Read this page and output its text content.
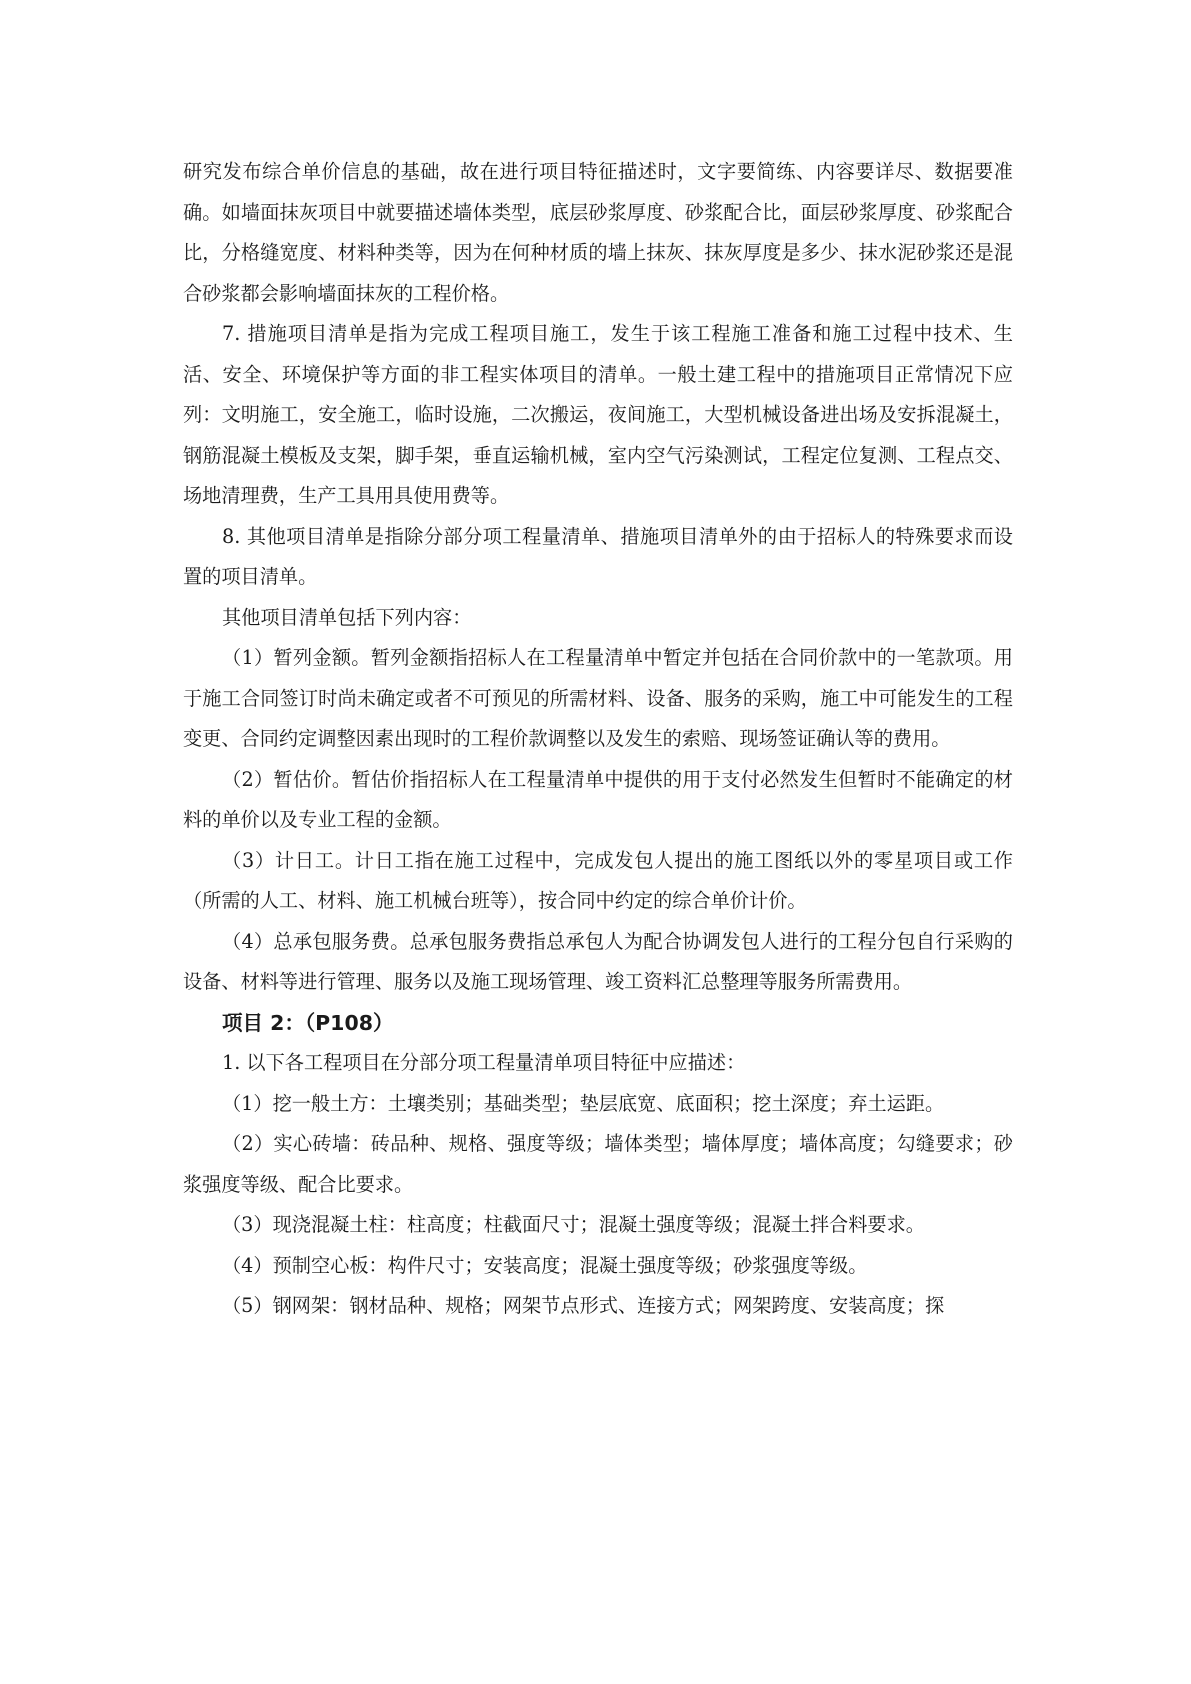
研究发布综合单价信息的基础，故在进行项目特征描述时，文字要简练、内容要详尽、数据要准确。如墙面抹灰项目中就要描述墙体类型，底层砂浆厚度、砂浆配合比，面层砂浆厚度、砂浆配合比，分格缝宽度、材料种类等，因为在何种材质的墙上抹灰、抹灰厚度是多少、抹水泥砂浆还是混合砂浆都会影响墙面抹灰的工程价格。

7. 措施项目清单是指为完成工程项目施工，发生于该工程施工准备和施工过程中技术、生活、安全、环境保护等方面的非工程实体项目的清单。一般土建工程中的措施项目正常情况下应列：文明施工，安全施工，临时设施，二次搬运，夜间施工，大型机械设备进出场及安拆混凝土，钢筋混凝土模板及支架，脚手架，垂直运输机械，室内空气污染测试，工程定位复测、工程点交、场地清理费，生产工具用具使用费等。

8. 其他项目清单是指除分部分项工程量清单、措施项目清单外的由于招标人的特殊要求而设置的项目清单。

其他项目清单包括下列内容：

（1）暂列金额。暂列金额指招标人在工程量清单中暂定并包括在合同价款中的一笔款项。用于施工合同签订时尚未确定或者不可预见的所需材料、设备、服务的采购，施工中可能发生的工程变更、合同约定调整因素出现时的工程价款调整以及发生的索赔、现场签证确认等的费用。

（2）暂估价。暂估价指招标人在工程量清单中提供的用于支付必然发生但暂时不能确定的材料的单价以及专业工程的金额。

（3）计日工。计日工指在施工过程中，完成发包人提出的施工图纸以外的零星项目或工作（所需的人工、材料、施工机械台班等），按合同中约定的综合单价计价。

（4）总承包服务费。总承包服务费指总承包人为配合协调发包人进行的工程分包自行采购的设备、材料等进行管理、服务以及施工现场管理、竣工资料汇总整理等服务所需费用。

项目 2：（P108）

1. 以下各工程项目在分部分项工程量清单项目特征中应描述：

（1）挖一般土方：土壤类别；基础类型；垫层底宽、底面积；挖土深度；弃土运距。

（2）实心砖墙：砖品种、规格、强度等级；墙体类型；墙体厚度；墙体高度；勾缝要求；砂浆强度等级、配合比要求。

（3）现浇混凝土柱：柱高度；柱截面尺寸；混凝土强度等级；混凝土拌合料要求。

（4）预制空心板：构件尺寸；安装高度；混凝土强度等级；砂浆强度等级。

（5）钢网架：钢材品种、规格；网架节点形式、连接方式；网架跨度、安装高度；探
